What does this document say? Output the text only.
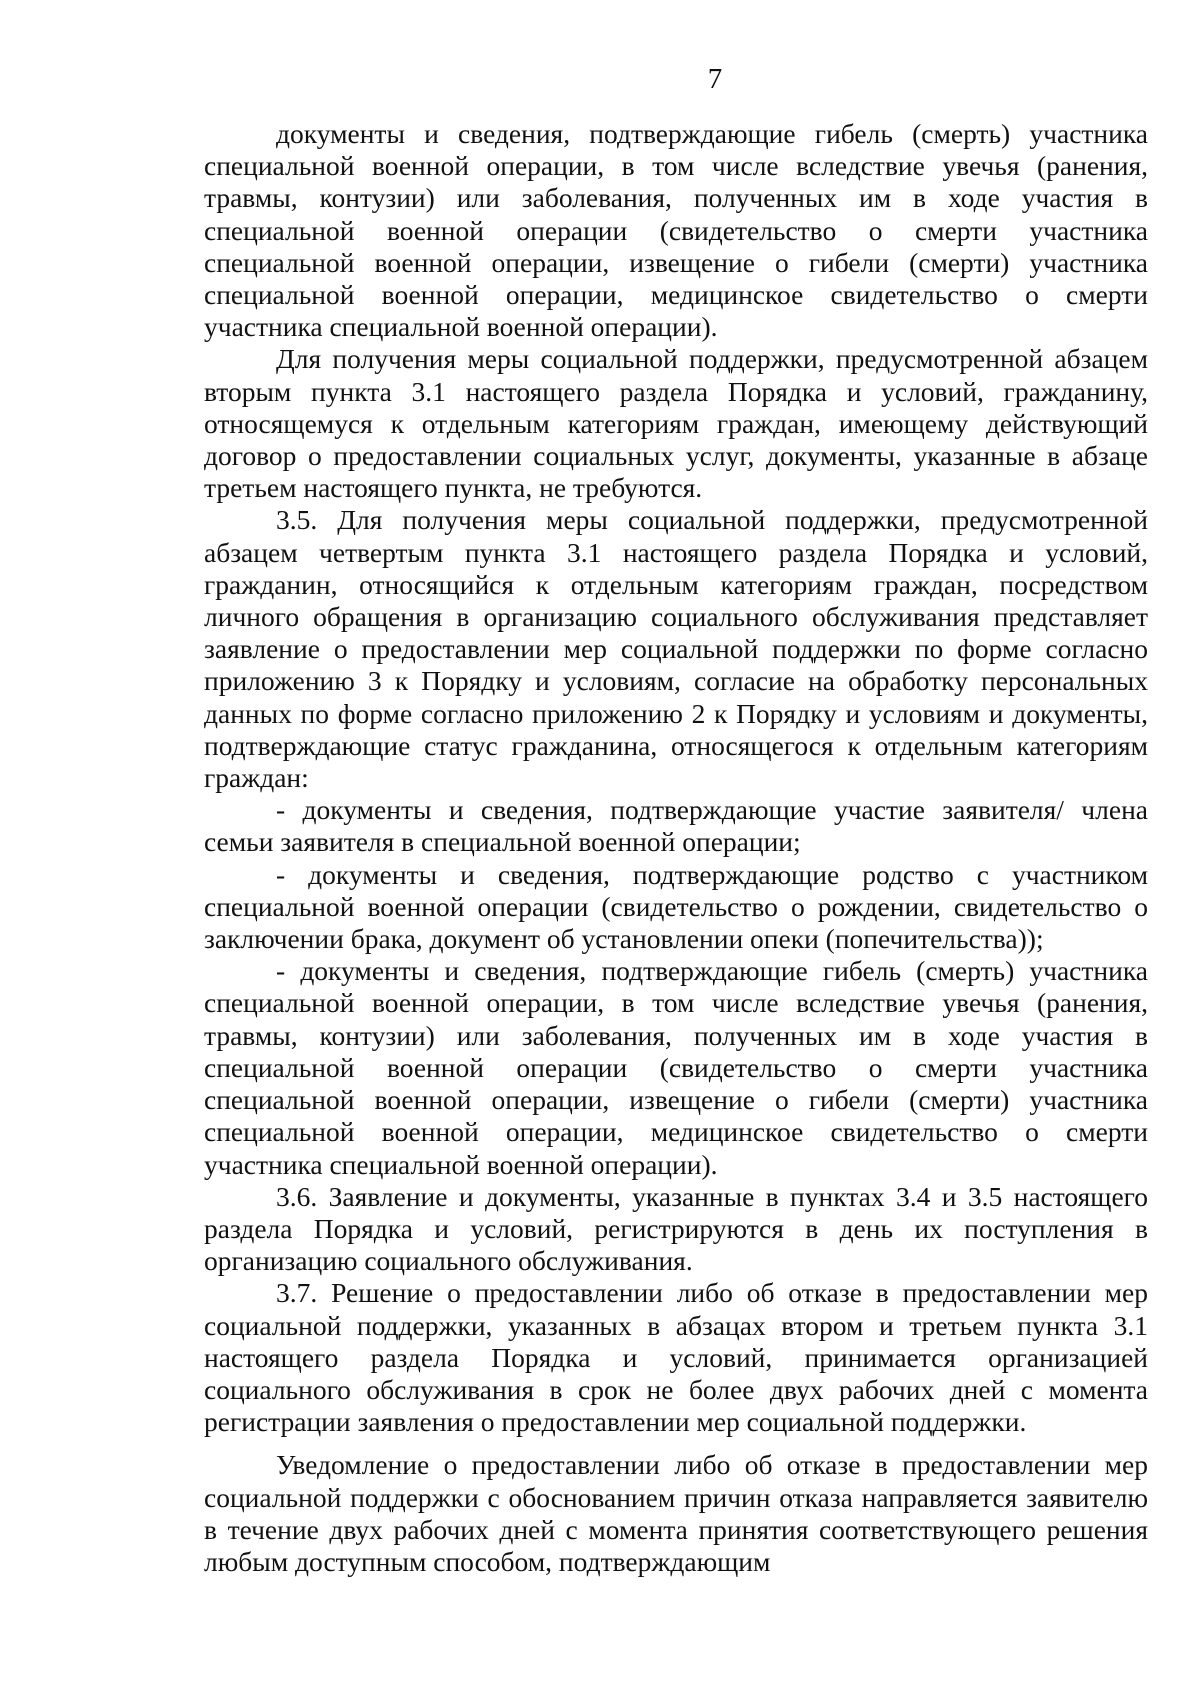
7

документы и сведения, подтверждающие гибель (смерть) участника специальной военной операции, в том числе вследствие увечья (ранения, травмы, контузии) или заболевания, полученных им в ходе участия в специальной военной операции (свидетельство о смерти участника специальной военной операции, извещение о гибели (смерти) участника специальной военной операции, медицинское свидетельство о смерти участника специальной военной операции).

Для получения меры социальной поддержки, предусмотренной абзацем вторым пункта 3.1 настоящего раздела Порядка и условий, гражданину, относящемуся к отдельным категориям граждан, имеющему действующий договор о предоставлении социальных услуг, документы, указанные в абзаце третьем настоящего пункта, не требуются.

3.5. Для получения меры социальной поддержки, предусмотренной абзацем четвертым пункта 3.1 настоящего раздела Порядка и условий, гражданин, относящийся к отдельным категориям граждан, посредством личного обращения в организацию социального обслуживания представляет заявление о предоставлении мер социальной поддержки по форме согласно приложению 3 к Порядку и условиям, согласие на обработку персональных данных по форме согласно приложению 2 к Порядку и условиям и документы, подтверждающие статус гражданина, относящегося к отдельным категориям граждан:

- документы и сведения, подтверждающие участие заявителя/ члена семьи заявителя в специальной военной операции;

- документы и сведения, подтверждающие родство с участником специальной военной операции (свидетельство о рождении, свидетельство о заключении брака, документ об установлении опеки (попечительства));

- документы и сведения, подтверждающие гибель (смерть) участника специальной военной операции, в том числе вследствие увечья (ранения, травмы, контузии) или заболевания, полученных им в ходе участия в специальной военной операции (свидетельство о смерти участника специальной военной операции, извещение о гибели (смерти) участника специальной военной операции, медицинское свидетельство о смерти участника специальной военной операции).

3.6. Заявление и документы, указанные в пунктах 3.4 и 3.5 настоящего раздела Порядка и условий, регистрируются в день их поступления в организацию социального обслуживания.

3.7. Решение о предоставлении либо об отказе в предоставлении мер социальной поддержки, указанных в абзацах втором и третьем пункта 3.1 настоящего раздела Порядка и условий, принимается организацией социального обслуживания в срок не более двух рабочих дней с момента регистрации заявления о предоставлении мер социальной поддержки.

Уведомление о предоставлении либо об отказе в предоставлении мер социальной поддержки с обоснованием причин отказа направляется заявителю в течение двух рабочих дней с момента принятия соответствующего решения любым доступным способом, подтверждающим
